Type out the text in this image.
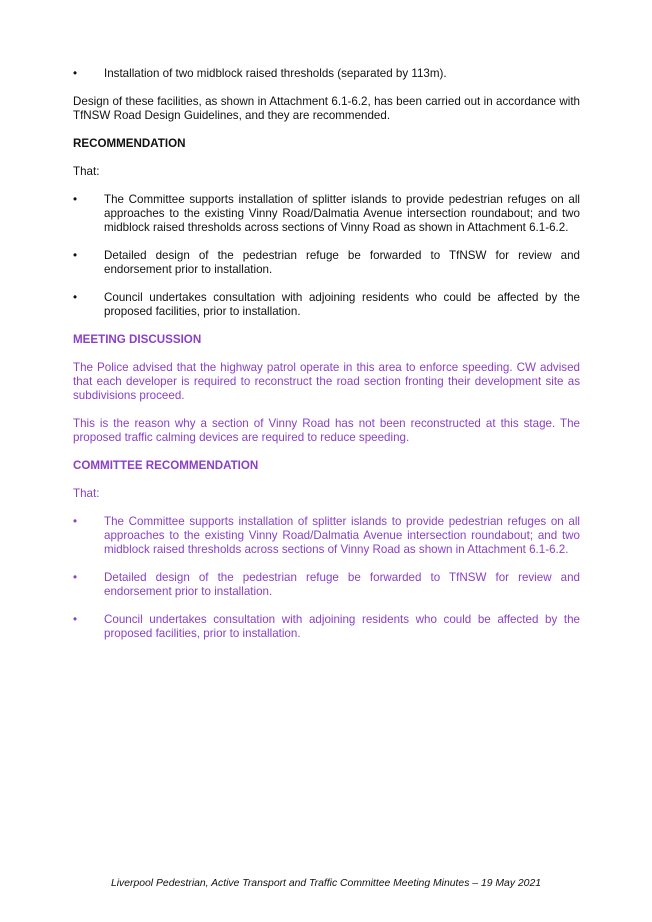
•	Installation of two midblock raised thresholds (separated by 113m).
Design of these facilities, as shown in Attachment 6.1-6.2, has been carried out in accordance with TfNSW Road Design Guidelines, and they are recommended.
RECOMMENDATION
That:
•	The Committee supports installation of splitter islands to provide pedestrian refuges on all approaches to the existing Vinny Road/Dalmatia Avenue intersection roundabout; and two midblock raised thresholds across sections of Vinny Road as shown in Attachment 6.1-6.2.
•	Detailed design of the pedestrian refuge be forwarded to TfNSW for review and endorsement prior to installation.
•	Council undertakes consultation with adjoining residents who could be affected by the proposed facilities, prior to installation.
MEETING DISCUSSION
The Police advised that the highway patrol operate in this area to enforce speeding. CW advised that each developer is required to reconstruct the road section fronting their development site as subdivisions proceed.
This is the reason why a section of Vinny Road has not been reconstructed at this stage. The proposed traffic calming devices are required to reduce speeding.
COMMITTEE RECOMMENDATION
That:
•	The Committee supports installation of splitter islands to provide pedestrian refuges on all approaches to the existing Vinny Road/Dalmatia Avenue intersection roundabout; and two midblock raised thresholds across sections of Vinny Road as shown in Attachment 6.1-6.2.
•	Detailed design of the pedestrian refuge be forwarded to TfNSW for review and endorsement prior to installation.
•	Council undertakes consultation with adjoining residents who could be affected by the proposed facilities, prior to installation.
Liverpool Pedestrian, Active Transport and Traffic Committee Meeting Minutes – 19 May 2021
